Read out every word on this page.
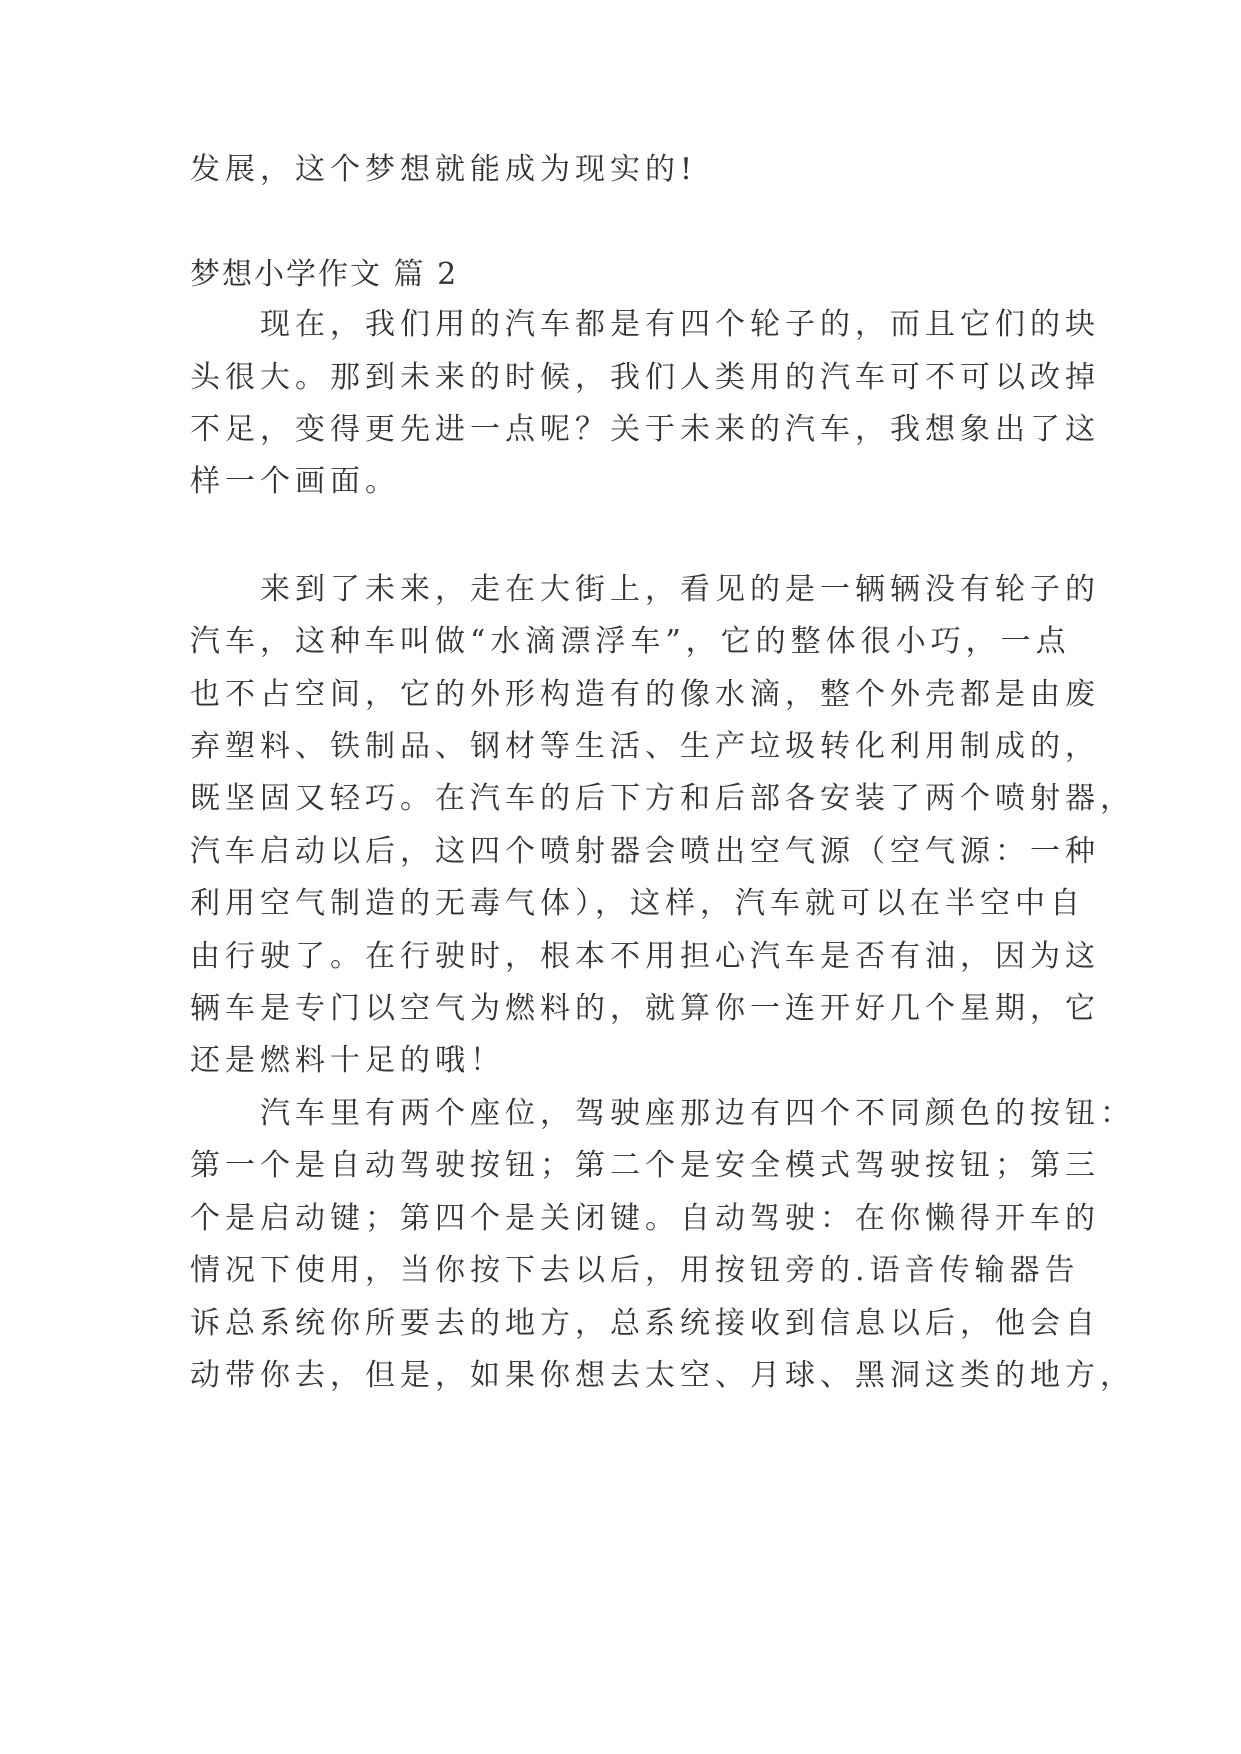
发展，这个梦想就能成为现实的!
梦想小学作文 篇 2
　　现在，我们用的汽车都是有四个轮子的，而且它们的块
头很大。那到未来的时候，我们人类用的汽车可不可以改掉
不足，变得更先进一点呢？关于未来的汽车，我想象出了这
样一个画面。
　　来到了未来，走在大街上，看见的是一辆辆没有轮子的
汽车，这种车叫做“水滴漂浮车”，它的整体很小巧，一点
也不占空间，它的外形构造有的像水滴，整个外壳都是由废
弃塑料、铁制品、钢材等生活、生产垃圾转化利用制成的，
既坚固又轻巧。在汽车的后下方和后部各安装了两个喷射器，
汽车启动以后，这四个喷射器会喷出空气源（空气源：一种
利用空气制造的无毒气体），这样，汽车就可以在半空中自
由行驶了。在行驶时，根本不用担心汽车是否有油，因为这
辆车是专门以空气为燃料的，就算你一连开好几个星期，它
还是燃料十足的哦！
　　汽车里有两个座位，驾驶座那边有四个不同颜色的按钮：
第一个是自动驾驶按钮；第二个是安全模式驾驶按钮；第三
个是启动键；第四个是关闭键。自动驾驶：在你懒得开车的
情况下使用，当你按下去以后，用按钮旁的.语音传输器告
诉总系统你所要去的地方，总系统接收到信息以后，他会自
动带你去，但是，如果你想去太空、月球、黑洞这类的地方，
